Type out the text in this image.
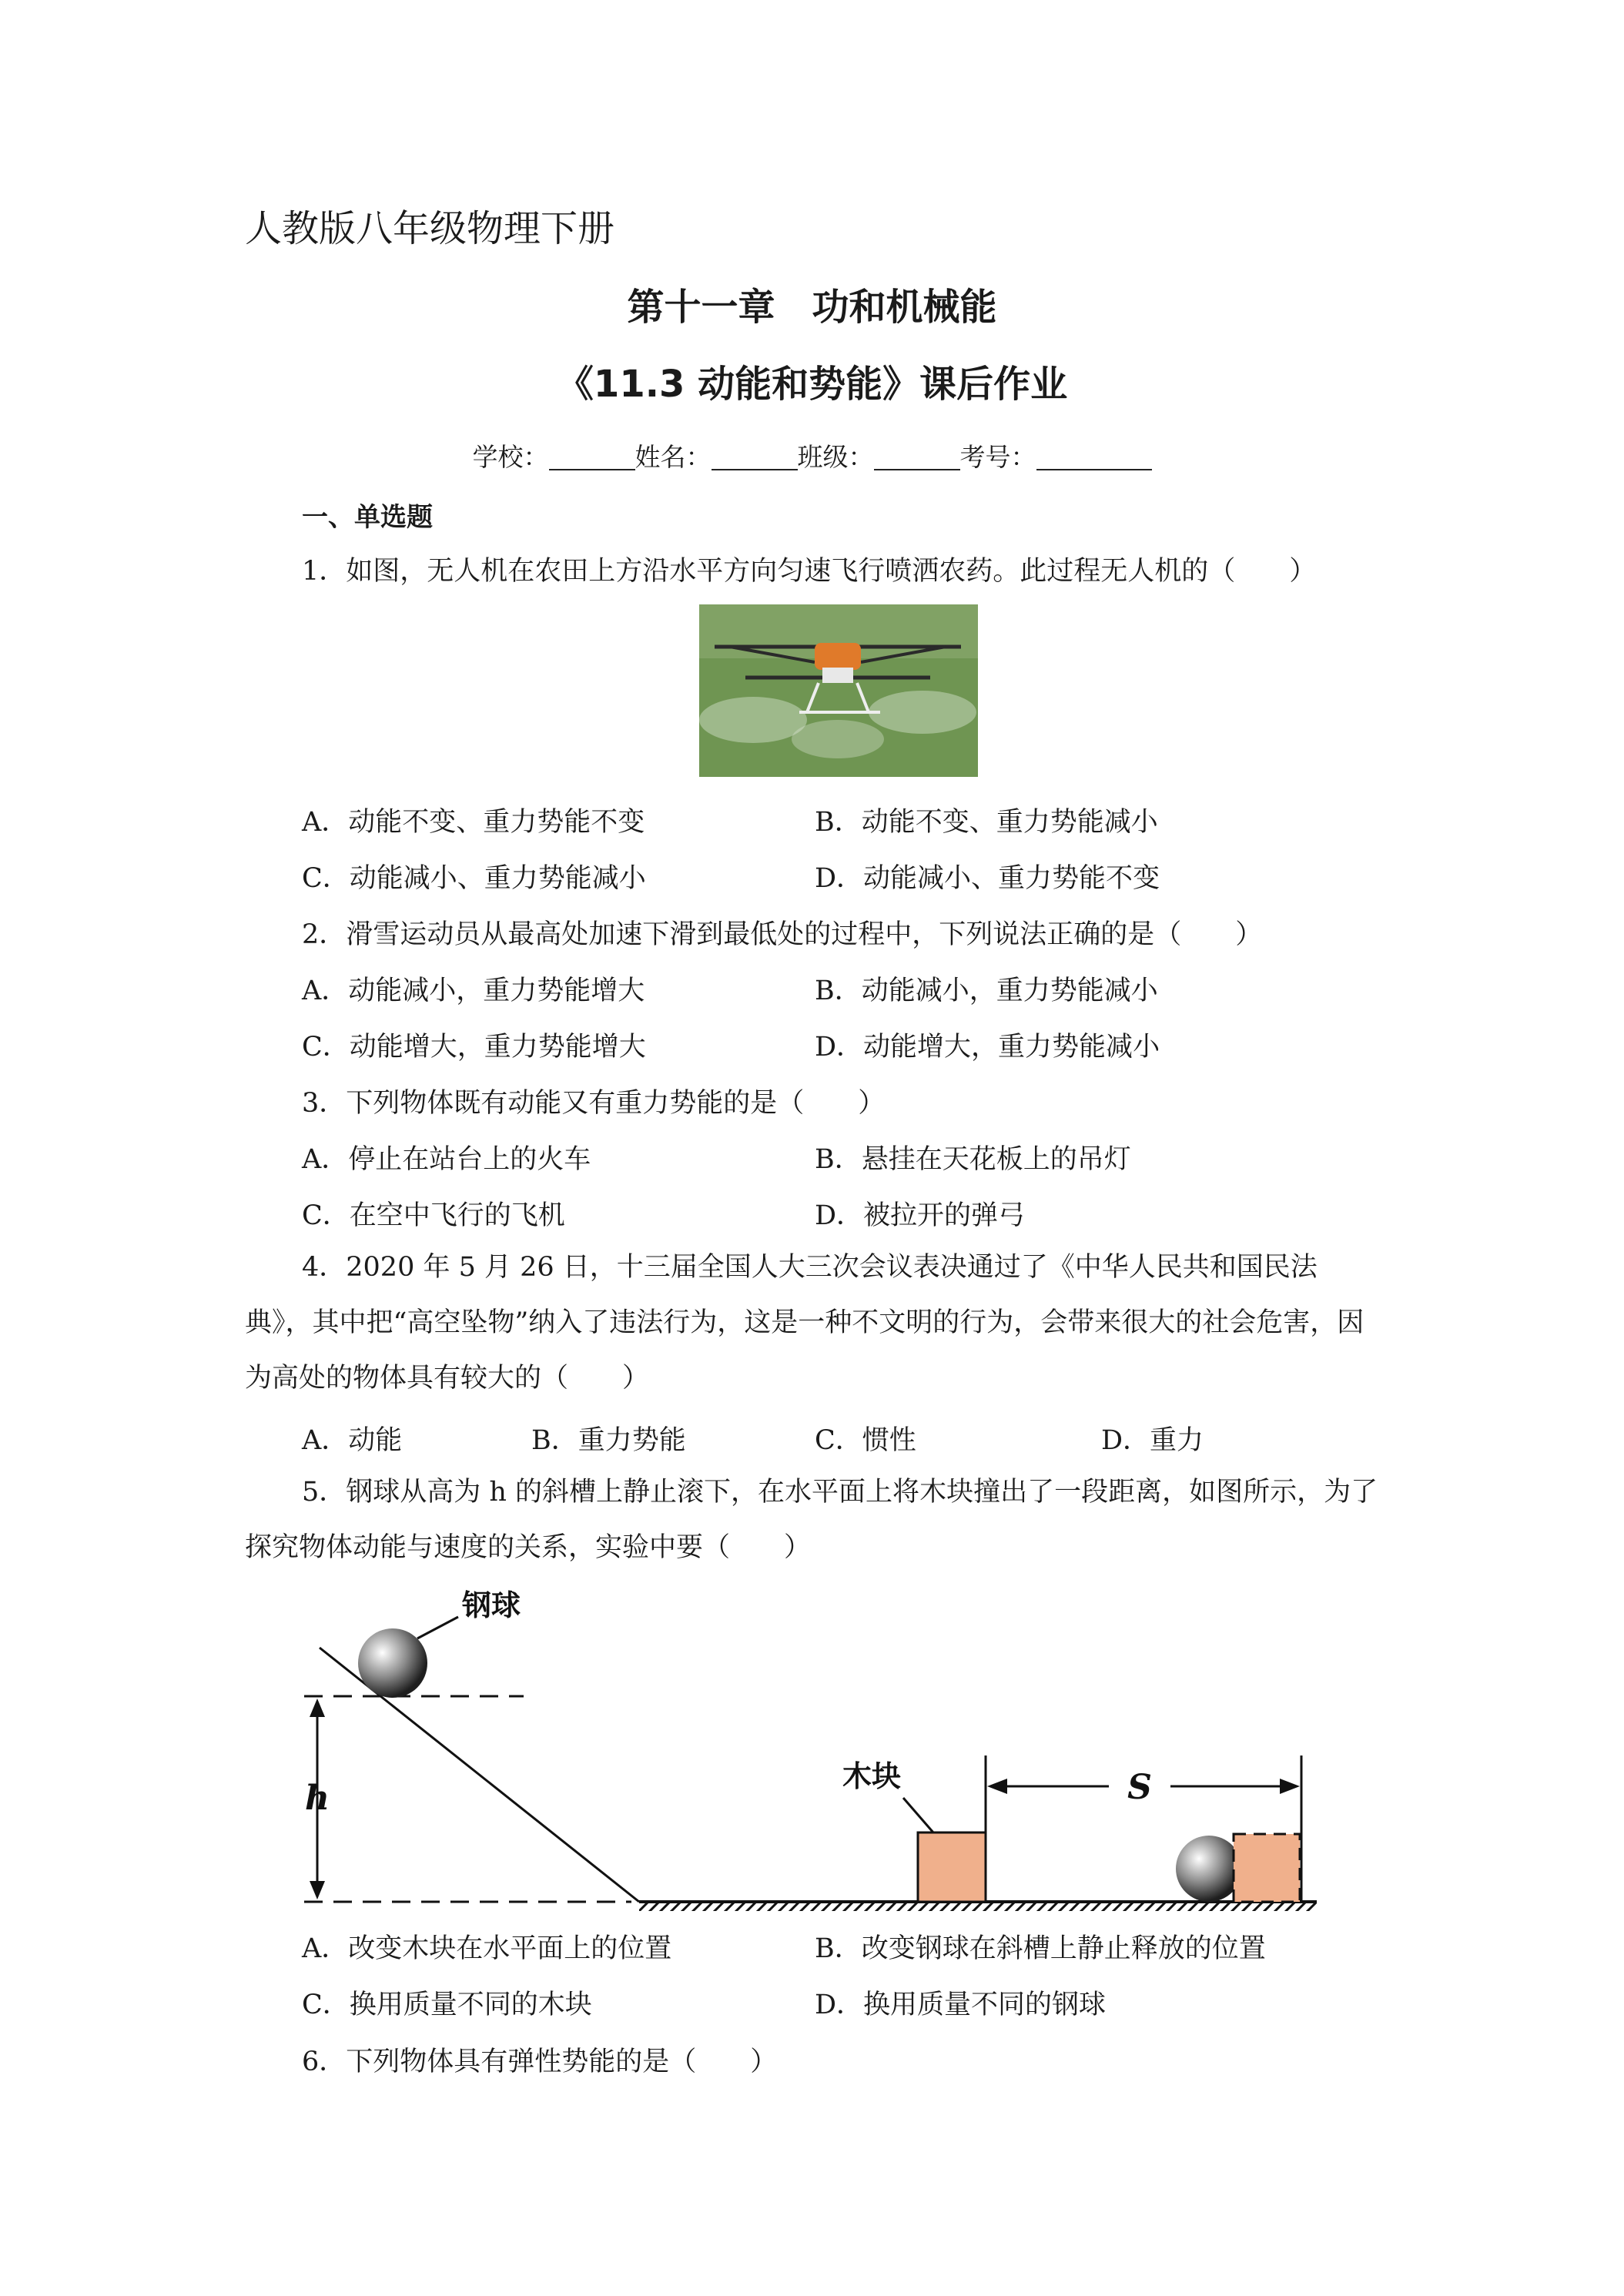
人教版八年级物理下册
第十一章　功和机械能
《11.3 动能和势能》课后作业
学校：	姓名：	班级：	考号：
一、单选题
1．如图，无人机在农田上方沿水平方向匀速飞行喷洒农药。此过程无人机的（　　）
A．动能不变、重力势能不变	B．动能不变、重力势能减小
C．动能减小、重力势能减小	D．动能减小、重力势能不变
2．滑雪运动员从最高处加速下滑到最低处的过程中，下列说法正确的是（　　）
A．动能减小，重力势能增大	B．动能减小，重力势能减小
C．动能增大，重力势能增大	D．动能增大，重力势能减小
3．下列物体既有动能又有重力势能的是（　　）
A．停止在站台上的火车	B．悬挂在天花板上的吊灯
C．在空中飞行的飞机	D．被拉开的弹弓
4．2020 年 5 月 26 日，十三届全国人大三次会议表决通过了《中华人民共和国民法典》，其中把“高空坠物”纳入了违法行为，这是一种不文明的行为，会带来很大的社会危害，因为高处的物体具有较大的（　　）
A．动能	B．重力势能	C．惯性	D．重力
5．钢球从高为 h 的斜槽上静止滚下，在水平面上将木块撞出了一段距离，如图所示，为了探究物体动能与速度的关系，实验中要（　　）
h
钢球
木块	S
A．改变木块在水平面上的位置	B．改变钢球在斜槽上静止释放的位置
C．换用质量不同的木块	D．换用质量不同的钢球
6．下列物体具有弹性势能的是（　　）
